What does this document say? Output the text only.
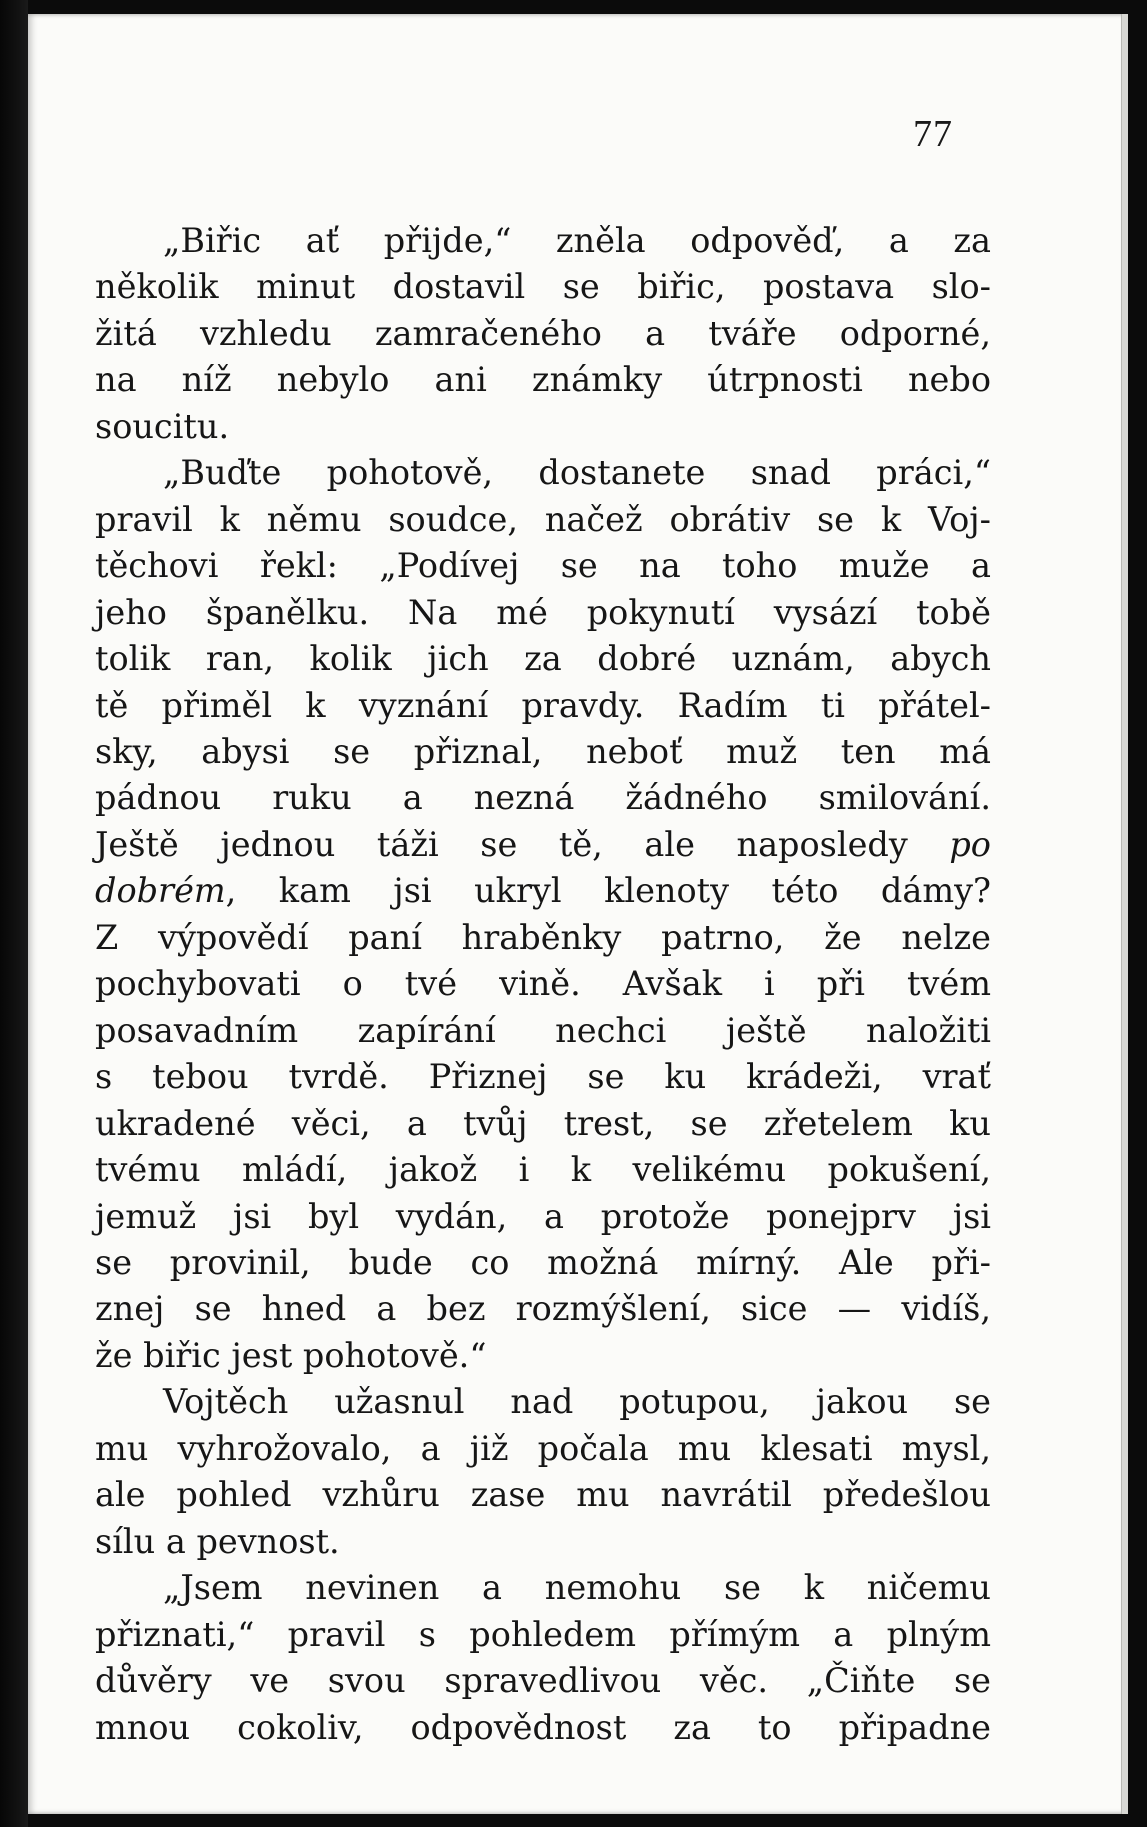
77

„Biřic ať přijde,“ zněla odpověď, a za
několik minut dostavil se biřic, postava slo-
žitá vzhledu zamračeného a tváře odporné,
na níž nebylo ani známky útrpnosti nebo
soucitu.

„Buďte pohotově, dostanete snad práci,“
pravil k němu soudce, načež obrátiv se k Voj-
těchovi řekl: „Podívej se na toho muže a
jeho španělku. Na mé pokynutí vysází tobě
tolik ran, kolik jich za dobré uznám, abych
tě přiměl k vyznání pravdy. Radím ti přátel-
sky, abysi se přiznal, neboť muž ten má
pádnou ruku a nezná žádného smilování.
Ještě jednou táži se tě, ale naposledy po
dobrém, kam jsi ukryl klenoty této dámy?
Z výpovědí paní hraběnky patrno, že nelze
pochybovati o tvé vině. Avšak i při tvém
posavadním zapírání nechci ještě naložiti
s tebou tvrdě. Přiznej se ku krádeži, vrať
ukradené věci, a tvůj trest, se zřetelem ku
tvému mládí, jakož i k velikému pokušení,
jemuž jsi byl vydán, a protože ponejprv jsi
se provinil, bude co možná mírný. Ale při-
znej se hned a bez rozmýšlení, sice — vidíš,
že biřic jest pohotově.“

Vojtěch užasnul nad potupou, jakou se
mu vyhrožovalo, a již počala mu klesati mysl,
ale pohled vzhůru zase mu navrátil předešlou
sílu a pevnost.

„Jsem nevinen a nemohu se k ničemu
přiznati,“ pravil s pohledem přímým a plným
důvěry ve svou spravedlivou věc. „Čiňte se
mnou cokoliv, odpovědnost za to připadne
